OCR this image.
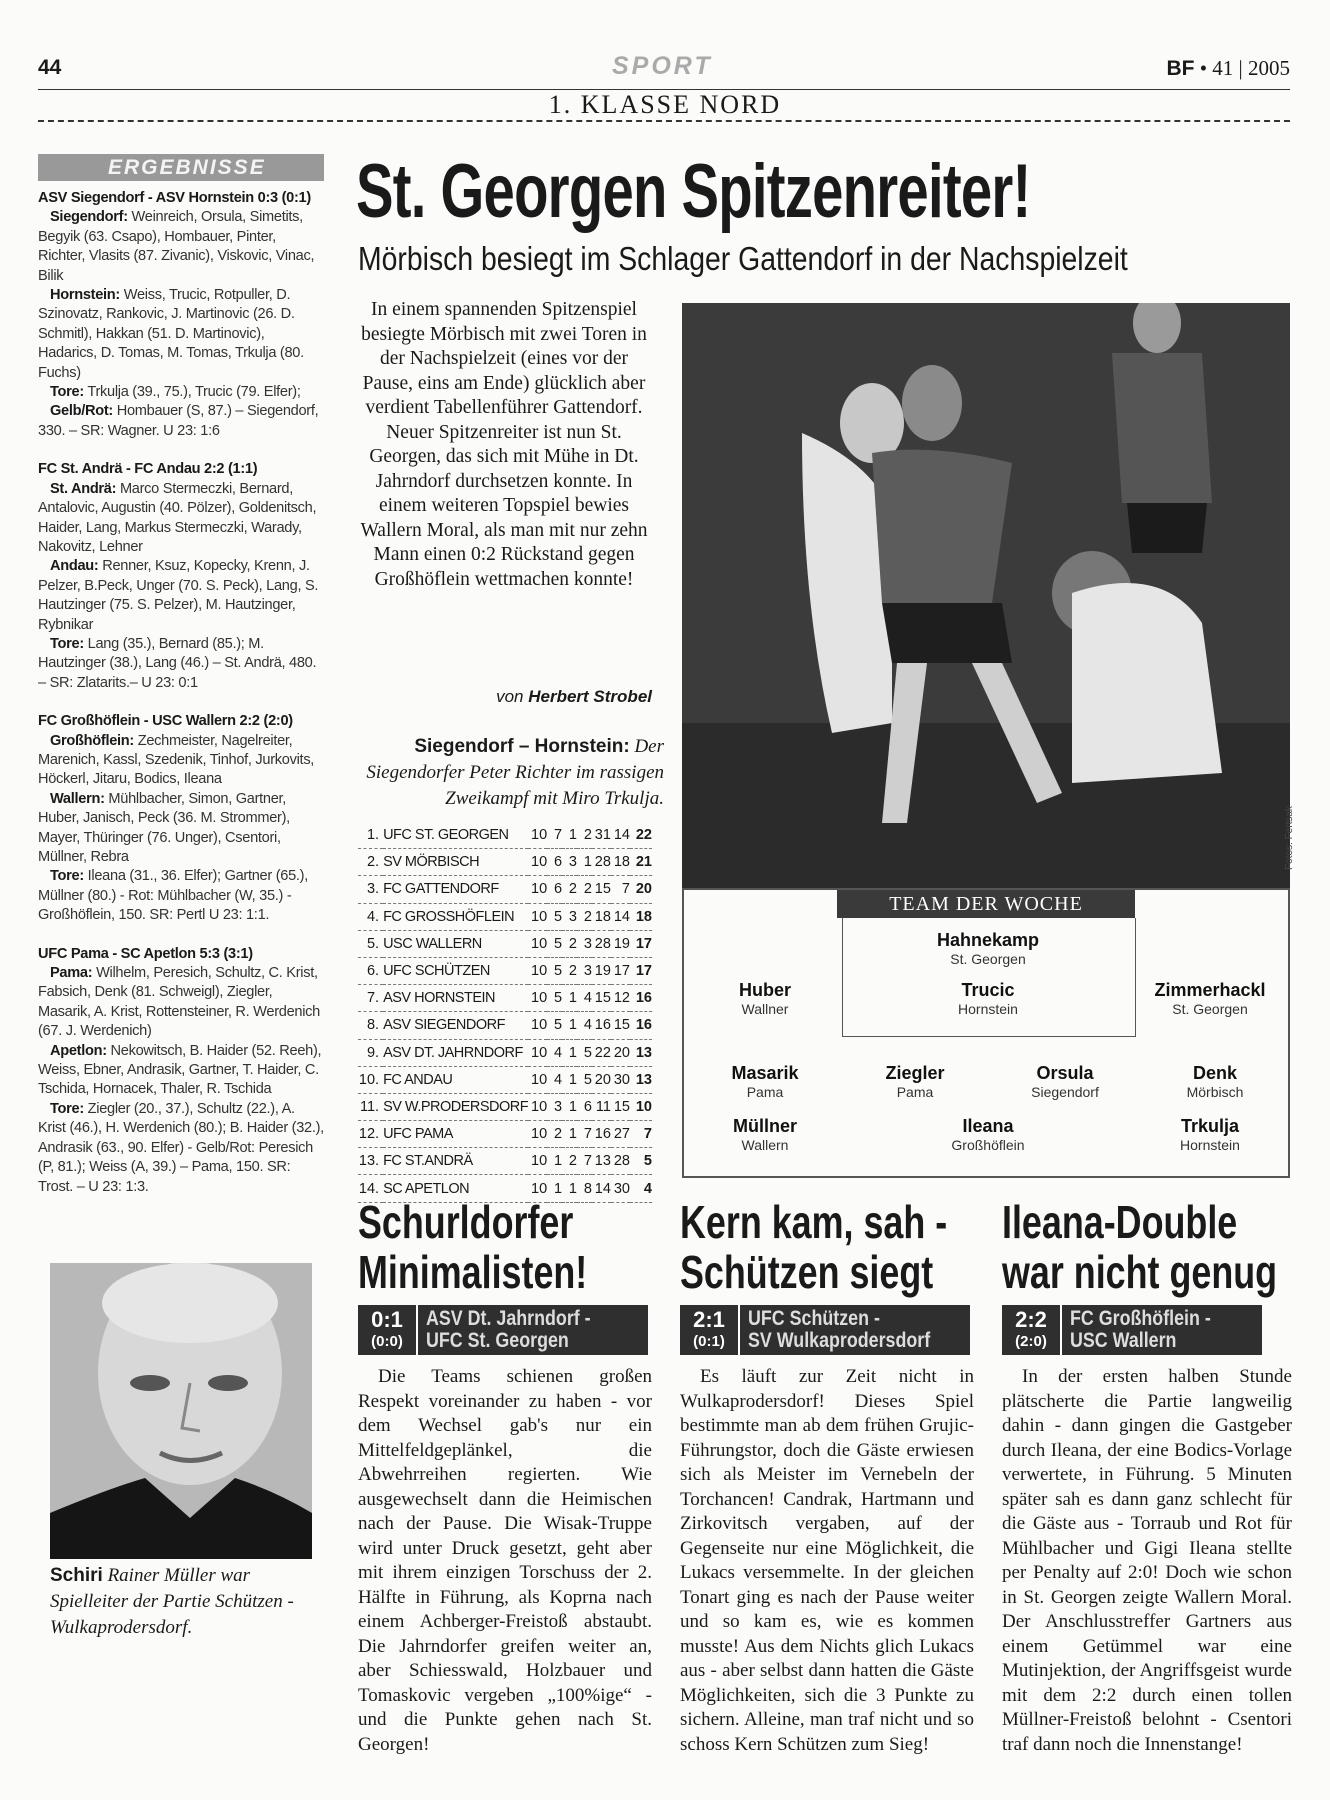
44	SPORT	BF • 41 | 2005
1. KLASSE NORD
ERGEBNISSE
ASV Siegendorf - ASV Hornstein 0:3 (0:1)

Siegendorf: Weinreich, Orsula, Simetits, Begyik (63. Csapo), Hombauer, Pinter, Richter, Vlasits (87. Zivanic), Viskovic, Vinac, Bilik

Hornstein: Weiss, Trucic, Rotpuller, D. Szinovatz, Rankovic, J. Martinovic (26. D. Schmitl), Hakkan (51. D. Martinovic), Hadarics, D. Tomas, M. Tomas, Trkulja (80. Fuchs)

Tore: Trkulja (39., 75.), Trucic (79. Elfer);

Gelb/Rot: Hombauer (S, 87.) – Siegendorf, 330. – SR: Wagner. U 23: 1:6

FC St. Andrä - FC Andau 2:2 (1:1)

St. Andrä: Marco Stermeczki, Bernard, Antalovic, Augustin (40. Pölzer), Goldenitsch, Haider, Lang, Markus Stermeczki, Warady, Nakovitz, Lehner

Andau: Renner, Ksuz, Kopecky, Krenn, J. Pelzer, B.Peck, Unger (70. S. Peck), Lang, S. Hautzinger (75. S. Pelzer), M. Hautzinger, Rybnikar

Tore: Lang (35.), Bernard (85.); M. Hautzinger (38.), Lang (46.) – St. Andrä, 480. – SR: Zlatarits.– U 23: 0:1

FC Großhöflein - USC Wallern 2:2 (2:0)

Großhöflein: Zechmeister, Nagelreiter, Marenich, Kassl, Szedenik, Tinhof, Jurkovits, Höckerl, Jitaru, Bodics, Ileana

Wallern: Mühlbacher, Simon, Gartner, Huber, Janisch, Peck (36. M. Strommer), Mayer, Thüringer (76. Unger), Csentori, Müllner, Rebra

Tore: Ileana (31., 36. Elfer); Gartner (65.), Müllner (80.) - Rot: Mühlbacher (W, 35.) - Großhöflein, 150. SR: Pertl U 23: 1:1.

UFC Pama - SC Apetlon 5:3 (3:1)

Pama: Wilhelm, Peresich, Schultz, C. Krist, Fabsich, Denk (81. Schweigl), Ziegler, Masarik, A. Krist, Rottensteiner, R. Werdenich (67. J. Werdenich)

Apetlon: Nekowitsch, B. Haider (52. Reeh), Weiss, Ebner, Andrasik, Gartner, T. Haider, C. Tschida, Hornacek, Thaler, R. Tschida

Tore: Ziegler (20., 37.), Schultz (22.), A. Krist (46.), H. Werdenich (80.); B. Haider (32.), Andrasik (63., 90. Elfer) - Gelb/Rot: Peresich (P, 81.); Weiss (A, 39.) – Pama, 150. SR: Trost. – U 23: 1:3.

Schiri Rainer Müller war Spielleiter der Partie Schützen - Wulkaprodersdorf.
St. Georgen Spitzenreiter!
Mörbisch besiegt im Schlager Gattendorf in der Nachspielzeit
In einem spannenden Spitzenspiel besiegte Mörbisch mit zwei Toren in der Nachspielzeit (eines vor der Pause, eins am Ende) glücklich aber verdient Tabellenführer Gattendorf. Neuer Spitzenreiter ist nun St. Georgen, das sich mit Mühe in Dt. Jahrndorf durchsetzen konnte. In einem weiteren Topspiel bewies Wallern Moral, als man mit nur zehn Mann einen 0:2 Rückstand gegen Großhöflein wettmachen konnte!
von Herbert Strobel
Siegendorf – Hornstein: Der Siegendorfer Peter Richter im rassigen Zweikampf mit Miro Trkulja.
Fotos: Fertsak
1.	UFC ST. GEORGEN	10	7	1	2	31	14	22
2.	SV MÖRBISCH	10	6	3	1	28	18	21
3.	FC GATTENDORF	10	6	2	2	15	7	20
4.	FC GROSSHÖFLEIN	10	5	3	2	18	14	18
5.	USC WALLERN	10	5	2	3	28	19	17
6.	UFC SCHÜTZEN	10	5	2	3	19	17	17
7.	ASV HORNSTEIN	10	5	1	4	15	12	16
8.	ASV SIEGENDORF	10	5	1	4	16	15	16
9.	ASV DT. JAHRNDORF	10	4	1	5	22	20	13
10.	FC ANDAU	10	4	1	5	20	30	13
11.	SV W.PRODERSDORF	10	3	1	6	11	15	10
12.	UFC PAMA	10	2	1	7	16	27	7
13.	FC ST.ANDRÄ	10	1	2	7	13	28	5
14.	SC APETLON	10	1	1	8	14	30	4
TEAM DER WOCHE
Hahnekamp
St. Georgen
Huber
Wallner
Trucic
Hornstein
Zimmerhackl
St. Georgen
Masarik
Pama
Ziegler
Pama
Orsula
Siegendorf
Denk
Mörbisch
Müllner
Wallern
Ileana
Großhöflein
Trkulja
Hornstein
Schurldorfer
Minimalisten!
0:1
(0:0)
ASV Dt. Jahrndorf -
UFC St. Georgen
Die Teams schienen großen Respekt voreinander zu haben - vor dem Wechsel gab's nur ein Mittelfeldgeplänkel, die Abwehrreihen regierten. Wie ausgewechselt dann die Heimischen nach der Pause. Die Wisak-Truppe wird unter Druck gesetzt, geht aber mit ihrem einzigen Torschuss der 2. Hälfte in Führung, als Koprna nach einem Achberger-Freistoß abstaubt. Die Jahrndorfer greifen weiter an, aber Schiesswald, Holzbauer und Tomaskovic vergeben „100%ige“ - und die Punkte gehen nach St. Georgen!
Kern kam, sah -
Schützen siegt
2:1
(0:1)
UFC Schützen -
SV Wulkaprodersdorf
Es läuft zur Zeit nicht in Wulkaprodersdorf! Dieses Spiel bestimmte man ab dem frühen Grujic-Führungstor, doch die Gäste erwiesen sich als Meister im Vernebeln der Torchancen! Candrak, Hartmann und Zirkovitsch vergaben, auf der Gegenseite nur eine Möglichkeit, die Lukacs versemmelte. In der gleichen Tonart ging es nach der Pause weiter und so kam es, wie es kommen musste! Aus dem Nichts glich Lukacs aus - aber selbst dann hatten die Gäste Möglichkeiten, sich die 3 Punkte zu sichern. Alleine, man traf nicht und so schoss Kern Schützen zum Sieg!
Ileana-Double
war nicht genug
2:2
(2:0)
FC Großhöflein -
USC Wallern
In der ersten halben Stunde plätscherte die Partie langweilig dahin - dann gingen die Gastgeber durch Ileana, der eine Bodics-Vorlage verwertete, in Führung. 5 Minuten später sah es dann ganz schlecht für die Gäste aus - Torraub und Rot für Mühlbacher und Gigi Ileana stellte per Penalty auf 2:0! Doch wie schon in St. Georgen zeigte Wallern Moral. Der Anschlusstreffer Gartners aus einem Getümmel war eine Mutinjektion, der Angriffsgeist wurde mit dem 2:2 durch einen tollen Müllner-Freistoß belohnt - Csentori traf dann noch die Innenstange!
